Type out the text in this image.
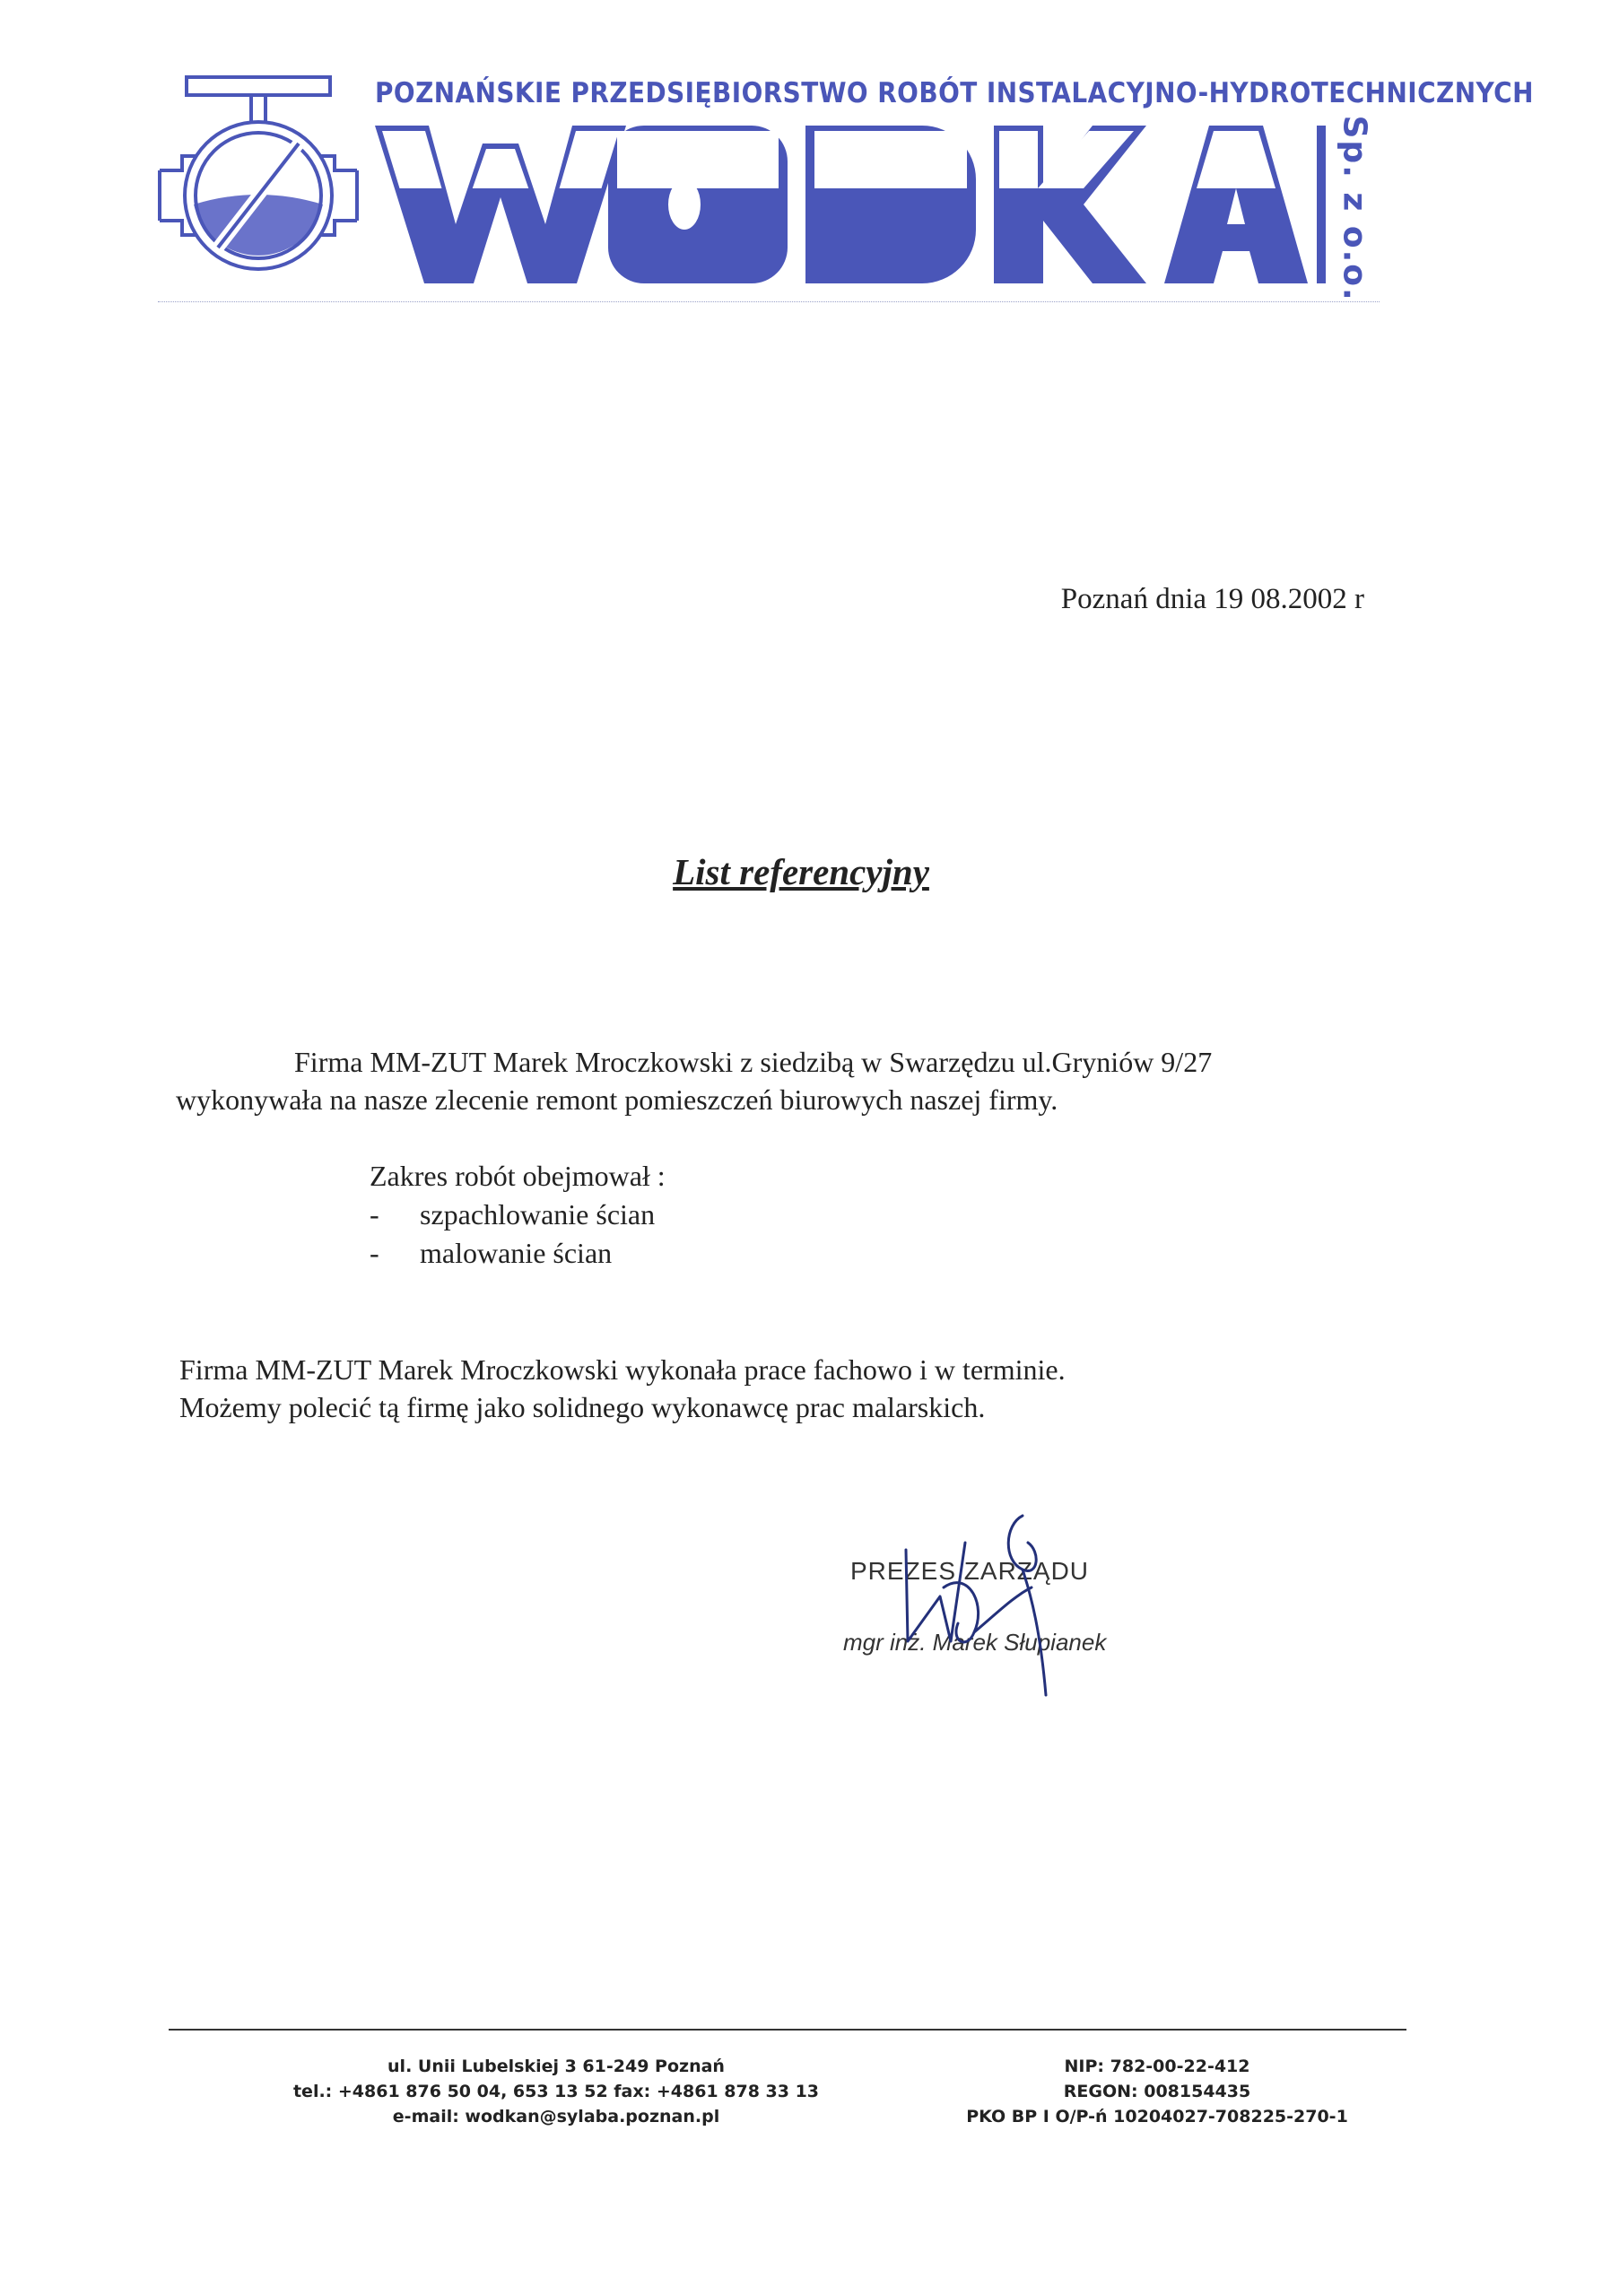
POZNAŃSKIE PRZEDSIĘBIORSTWO ROBÓT INSTALACYJNO-HYDROTECHNICZNYCH
Sp. z o.o.
Poznań dnia 19 08.2002 r
List referencyjny
Firma MM-ZUT Marek Mroczkowski z siedzibą w Swarzędzu ul.Gryniów 9/27
wykonywała na nasze zlecenie remont pomieszczeń biurowych naszej firmy.
Zakres robót obejmował :
- szpachlowanie ścian
- malowanie ścian
Firma MM-ZUT Marek Mroczkowski wykonała prace fachowo i w terminie.
Możemy polecić tą firmę jako solidnego wykonawcę prac malarskich.
PREZES ZARZĄDU
mgr inż. Marek Słupianek
ul. Unii Lubelskiej 3 61-249 Poznań
tel.: +4861 876 50 04, 653 13 52 fax: +4861 878 33 13
e-mail: wodkan@sylaba.poznan.pl
NIP: 782-00-22-412
REGON: 008154435
PKO BP I O/P-ń 10204027-708225-270-1
